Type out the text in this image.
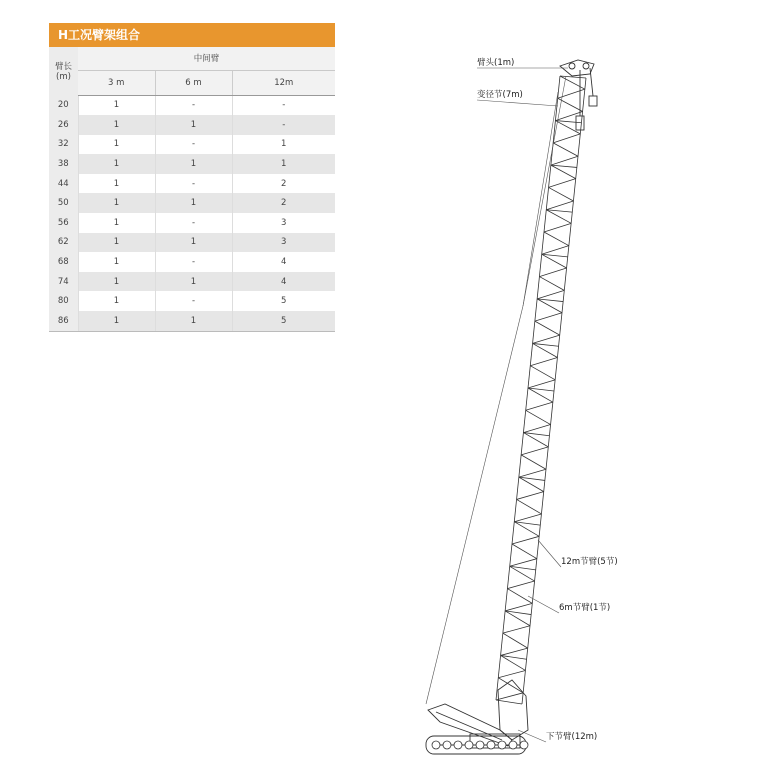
H工况臂架组合
臂长 (m)	中间臂		
	3 m	6 m	12m
20	1	-	-
26	1	1	-
32	1	-	1
38	1	1	1
44	1	-	2
50	1	1	2
56	1	-	3
62	1	1	3
68	1	-	4
74	1	1	4
80	1	-	5
86	1	1	5
臂头(1m)
变径节(7m)
12m节臂(5节)
6m节臂(1节)
下节臂(12m)
